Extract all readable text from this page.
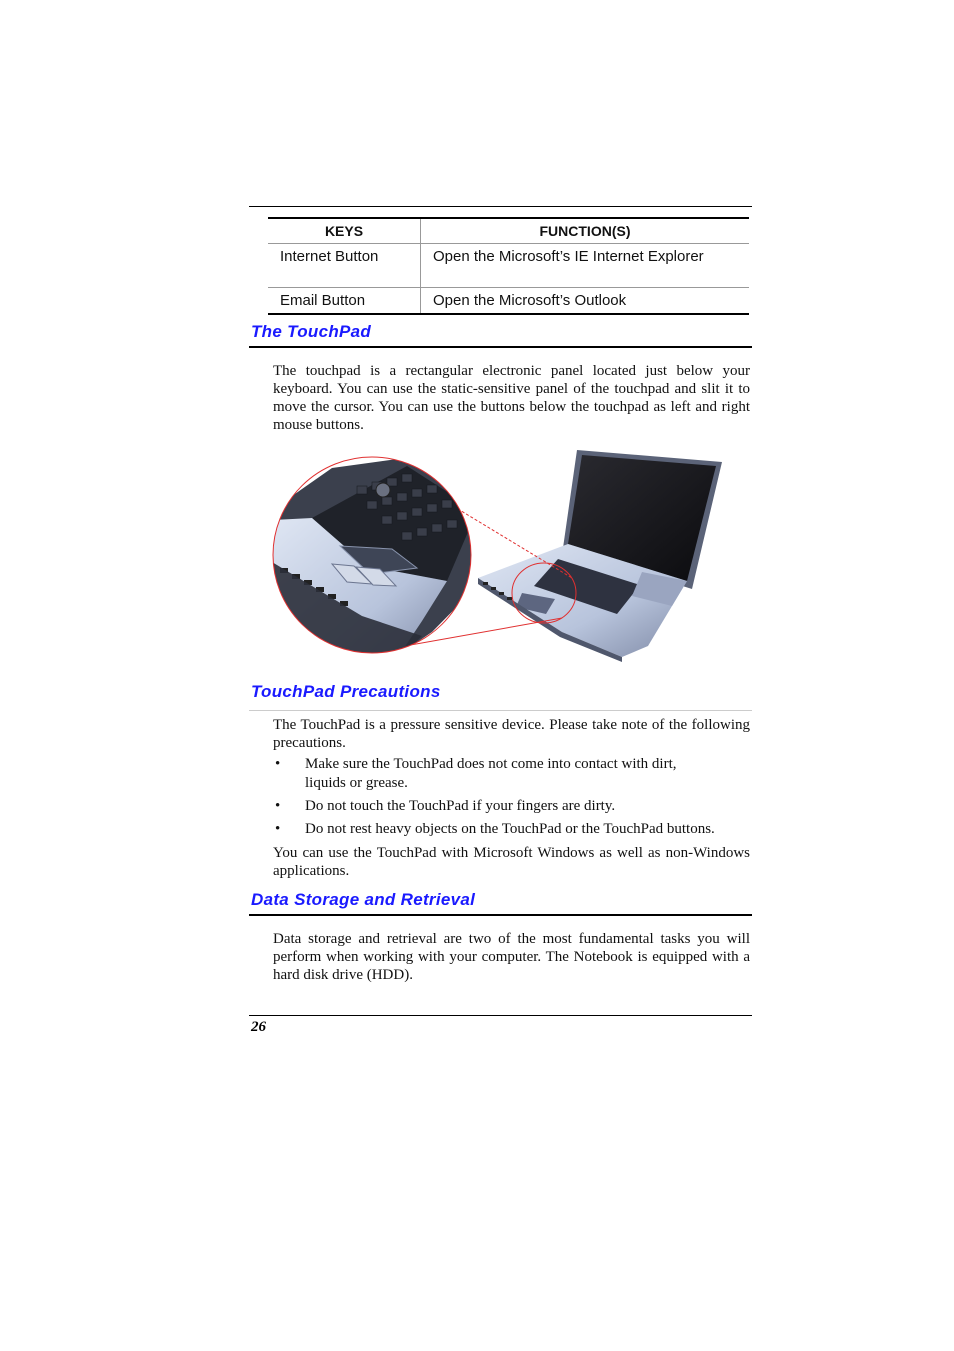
KEYS	FUNCTION(S)
Internet Button	Open the Microsoft’s IE Internet Explorer
Email Button	Open the Microsoft’s Outlook
The TouchPad

The touchpad is a rectangular electronic panel located just below your keyboard. You can use the static-sensitive panel of the touchpad and slit it to move the cursor. You can use the buttons below the touchpad as left and right mouse buttons.

TouchPad Precautions

The TouchPad is a pressure sensitive device. Please take note of the following precautions.

• Make sure the TouchPad does not come into contact with dirt, liquids or grease.
• Do not touch the TouchPad if your fingers are dirty.
• Do not rest heavy objects on the TouchPad or the TouchPad buttons.

You can use the TouchPad with Microsoft Windows as well as non-Windows applications.

Data Storage and Retrieval

Data storage and retrieval are two of the most fundamental tasks you will perform when working with your computer. The Notebook is equipped with a hard disk drive (HDD).

26
